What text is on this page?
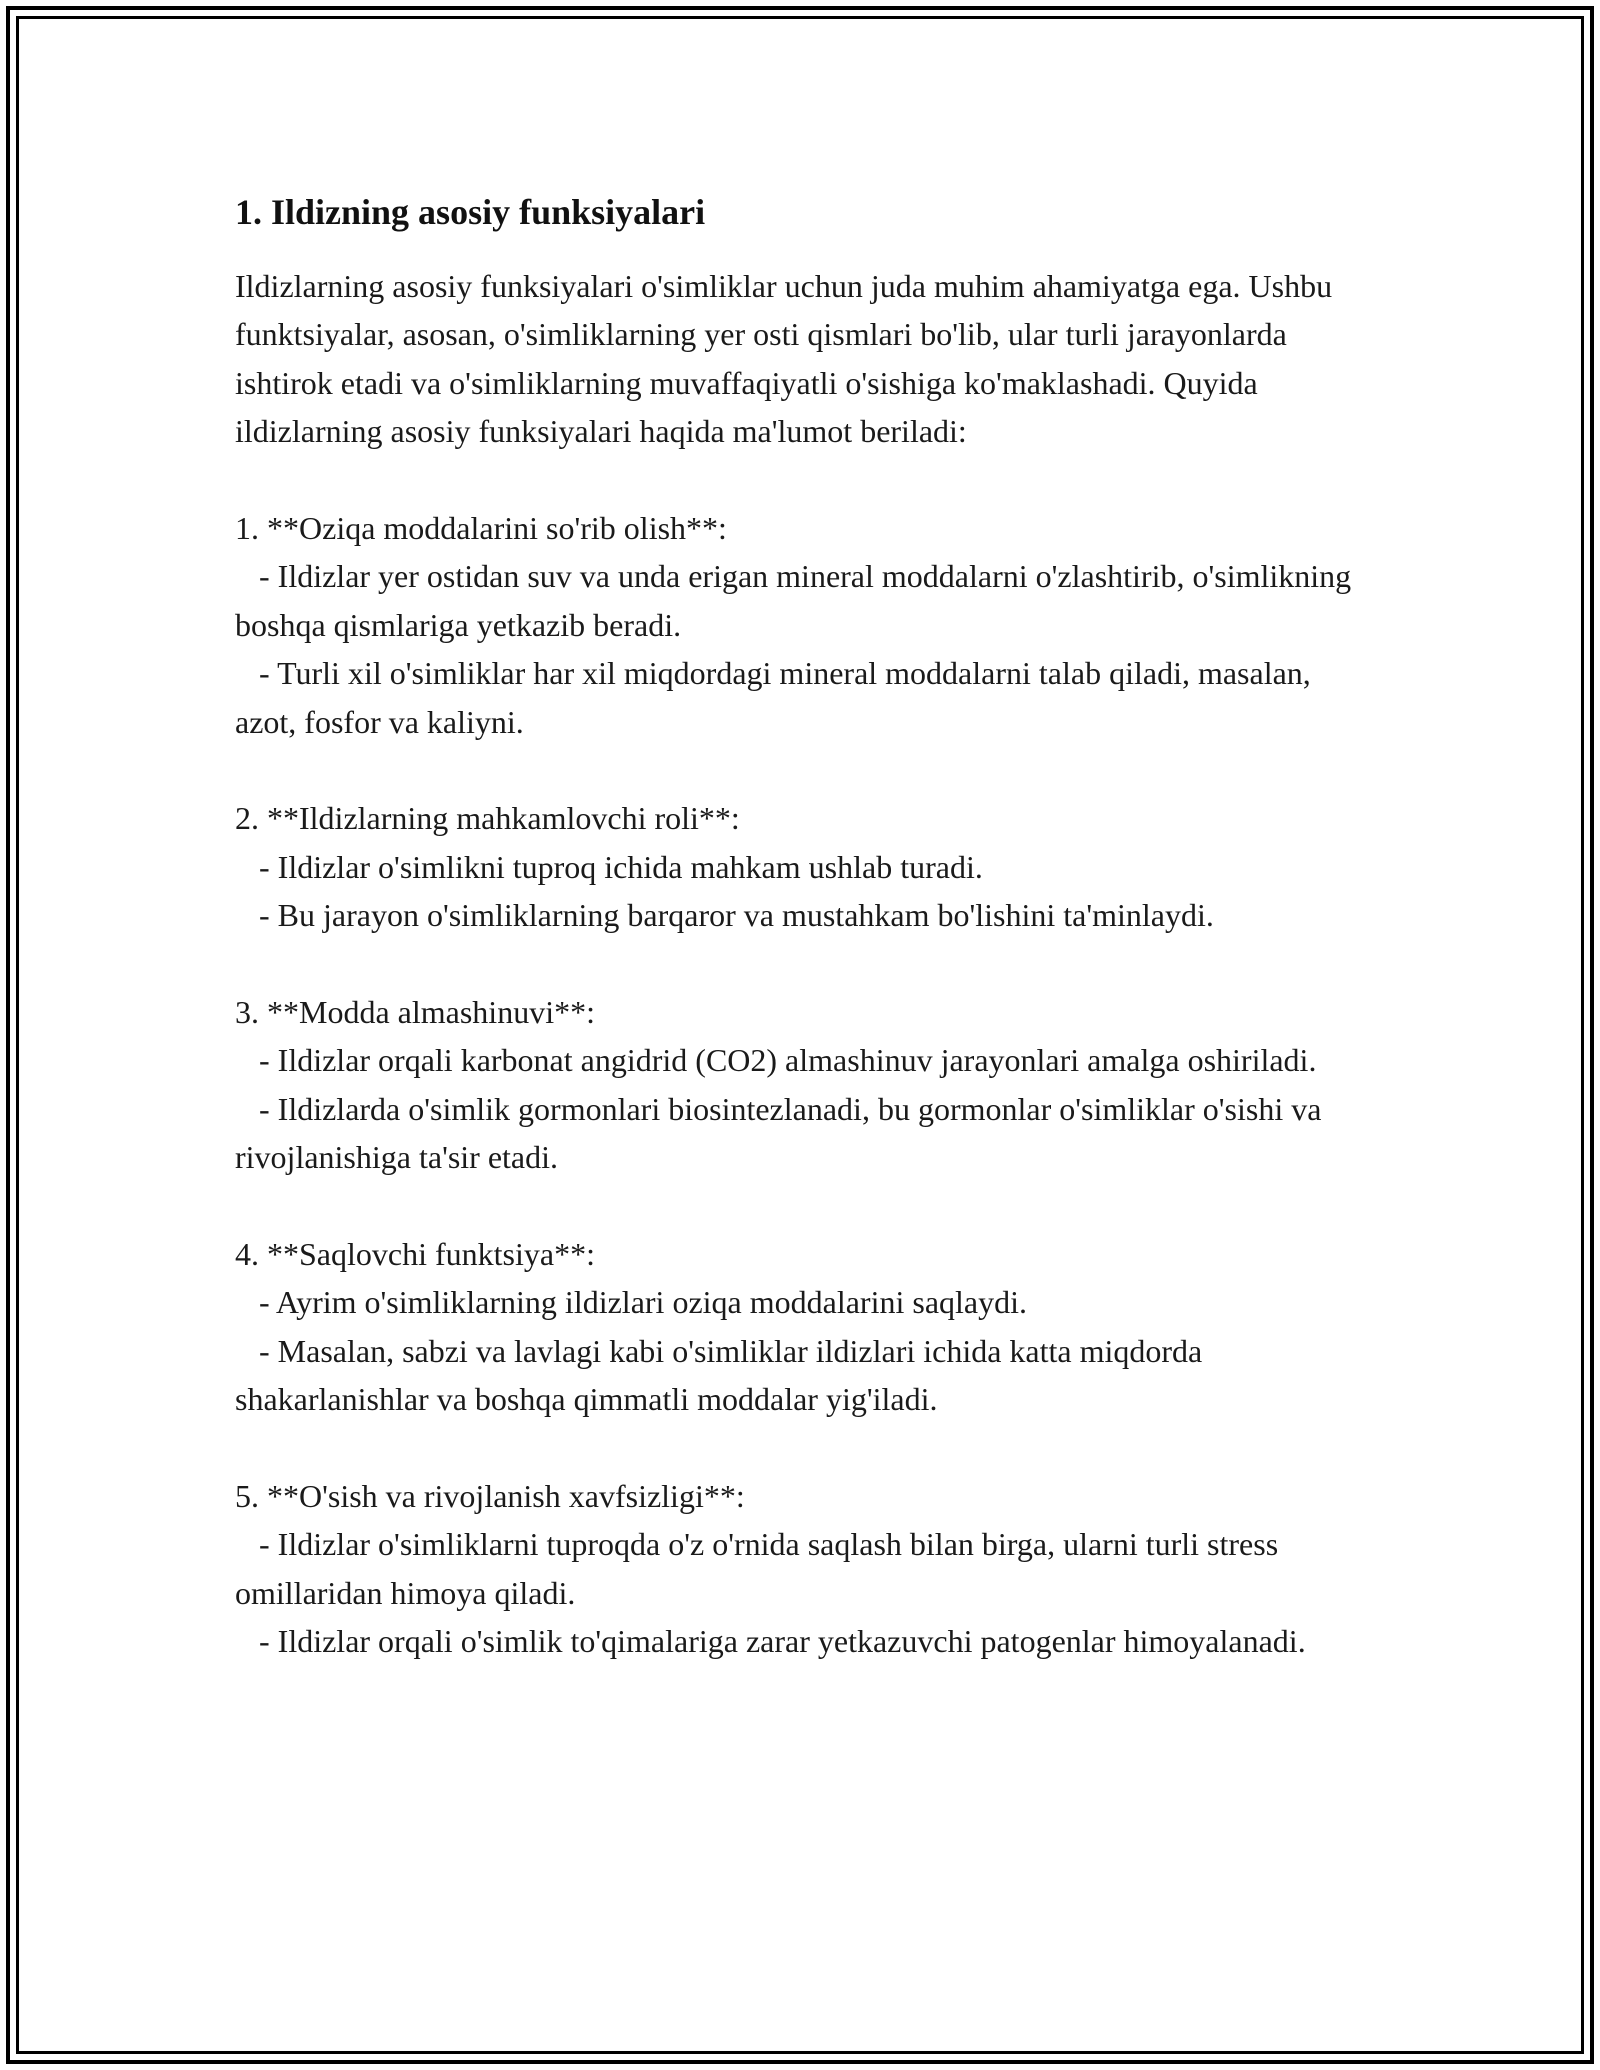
1. Ildizning asosiy funksiyalari

Ildizlarning asosiy funksiyalari o'simliklar uchun juda muhim ahamiyatga ega. Ushbu funktsiyalar, asosan, o'simliklarning yer osti qismlari bo'lib, ular turli jarayonlarda ishtirok etadi va o'simliklarning muvaffaqiyatli o'sishiga ko'maklashadi. Quyida ildizlarning asosiy funksiyalari haqida ma'lumot beriladi:

1. **Oziqa moddalarini so'rib olish**:

- Ildizlar yer ostidan suv va unda erigan mineral moddalarni o'zlashtirib, o'simlikning boshqa qismlariga yetkazib beradi.

- Turli xil o'simliklar har xil miqdordagi mineral moddalarni talab qiladi, masalan, azot, fosfor va kaliyni.

2. **Ildizlarning mahkamlovchi roli**:

- Ildizlar o'simlikni tuproq ichida mahkam ushlab turadi.

- Bu jarayon o'simliklarning barqaror va mustahkam bo'lishini ta'minlaydi.

3. **Modda almashinuvi**:

- Ildizlar orqali karbonat angidrid (CO2) almashinuv jarayonlari amalga oshiriladi.

- Ildizlarda o'simlik gormonlari biosintezlanadi, bu gormonlar o'simliklar o'sishi va rivojlanishiga ta'sir etadi.

4. **Saqlovchi funktsiya**:

- Ayrim o'simliklarning ildizlari oziqa moddalarini saqlaydi.

- Masalan, sabzi va lavlagi kabi o'simliklar ildizlari ichida katta miqdorda shakarlanishlar va boshqa qimmatli moddalar yig'iladi.

5. **O'sish va rivojlanish xavfsizligi**:

- Ildizlar o'simliklarni tuproqda o'z o'rnida saqlash bilan birga, ularni turli stress omillaridan himoya qiladi.

- Ildizlar orqali o'simlik to'qimalariga zarar yetkazuvchi patogenlar himoyalanadi.
